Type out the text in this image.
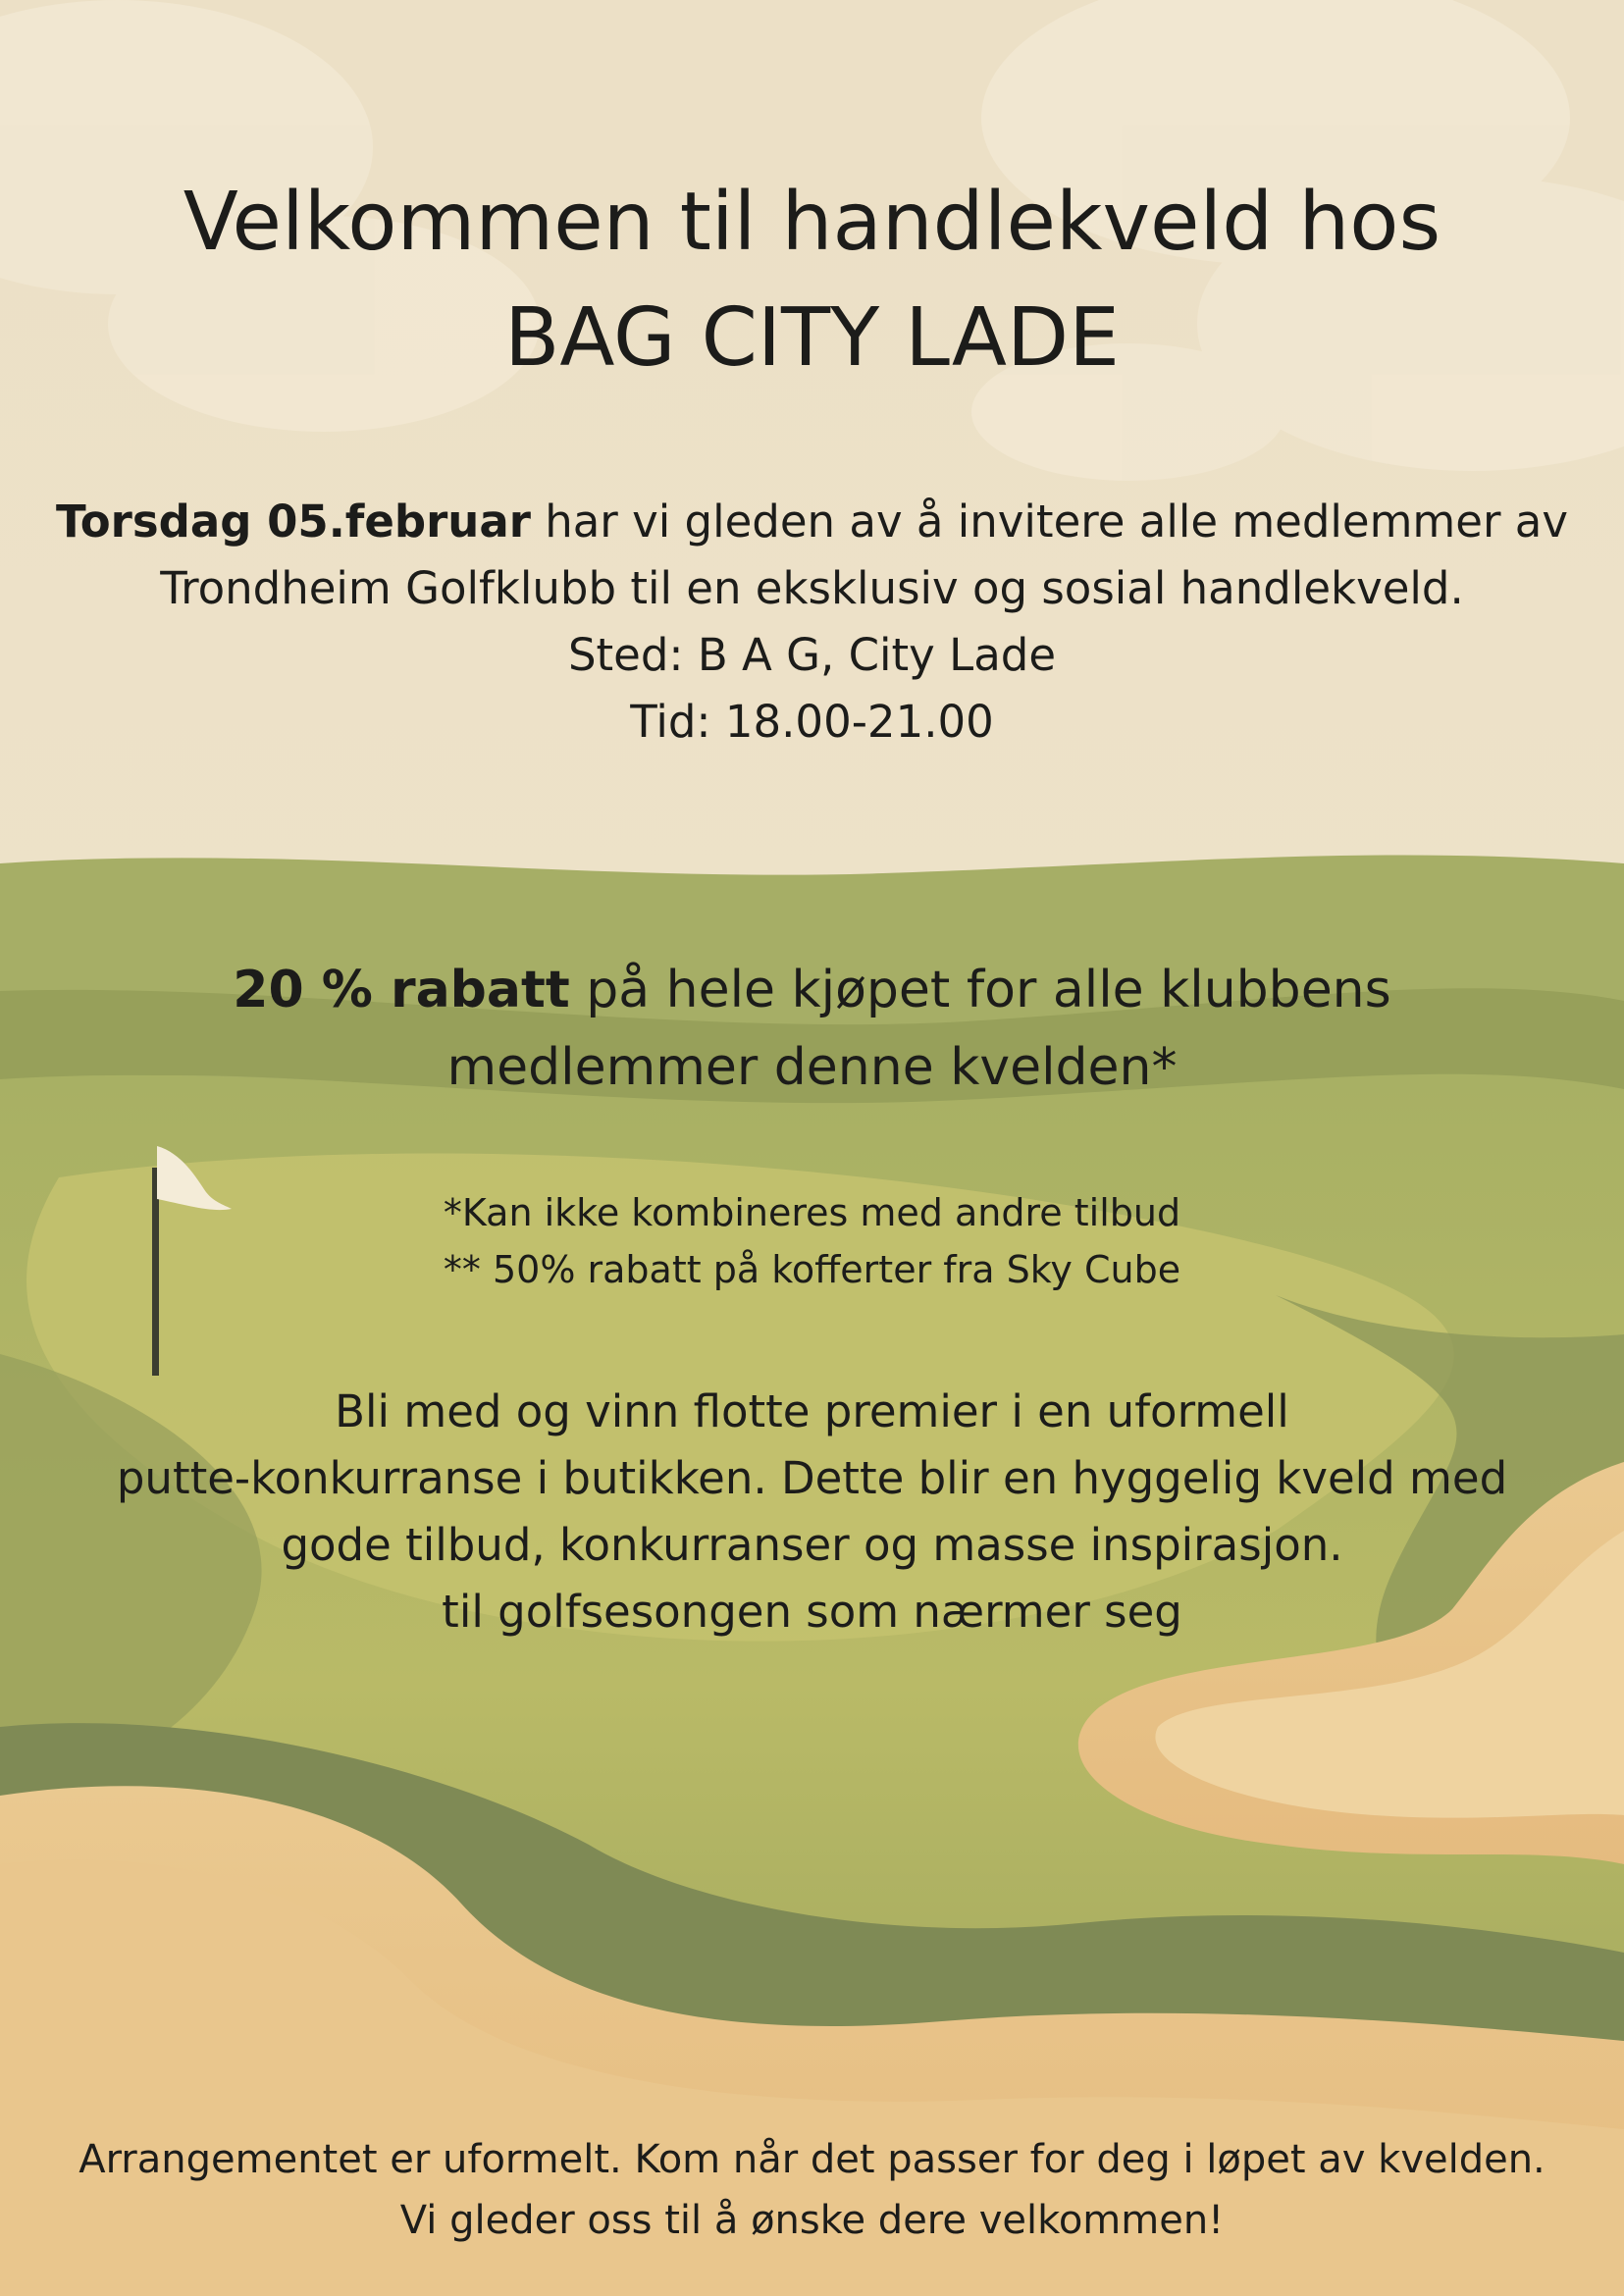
Velkommen til handlekveld hos
BAG CITY LADE
Torsdag 05.februar har vi gleden av å invitere alle medlemmer av
Trondheim Golfklubb til en eksklusiv og sosial handlekveld.
Sted: B A G, City Lade
Tid: 18.00-21.00
20 % rabatt på hele kjøpet for alle klubbens
medlemmer denne kvelden*
*Kan ikke kombineres med andre tilbud
** 50% rabatt på kofferter fra Sky Cube
Bli med og vinn flotte premier i en uformell
putte-konkurranse i butikken. Dette blir en hyggelig kveld med
gode tilbud, konkurranser og masse inspirasjon.
til golfsesongen som nærmer seg
Arrangementet er uformelt. Kom når det passer for deg i løpet av kvelden.
Vi gleder oss til å ønske dere velkommen!
